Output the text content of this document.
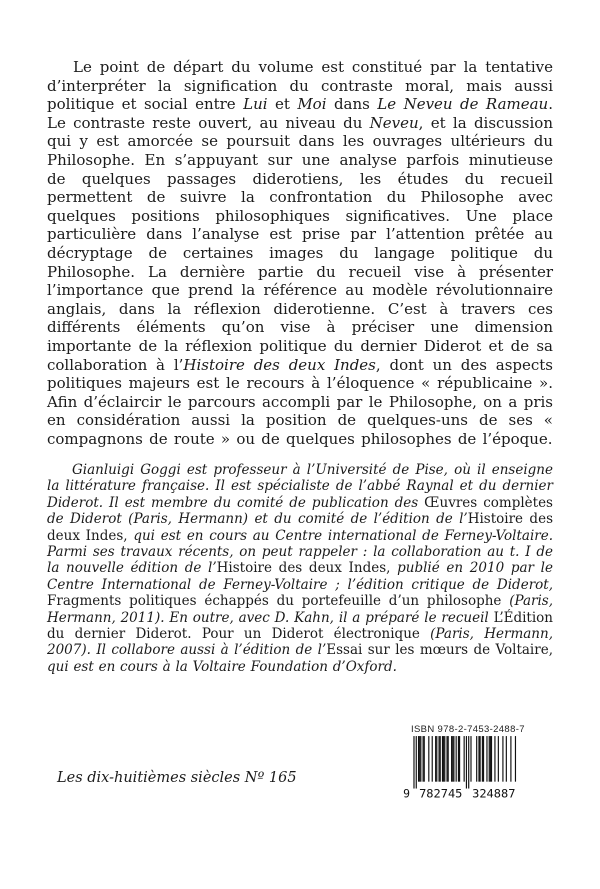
Le point de départ du volume est constitué par la tentative d’interpréter la signification du contraste moral, mais aussi politique et social entre Lui et Moi dans Le Neveu de Rameau. Le contraste reste ouvert, au niveau du Neveu, et la discussion qui y est amorcée se poursuit dans les ouvrages ultérieurs du Philosophe. En s’appuyant sur une analyse parfois minutieuse de quelques passages diderotiens, les études du recueil permettent de suivre la confrontation du Philosophe avec quelques positions philosophiques significatives. Une place particulière dans l’analyse est prise par l’attention prêtée au décryptage de certaines images du langage politique du Philosophe. La dernière partie du recueil vise à présenter l’importance que prend la référence au modèle révolutionnaire anglais, dans la réflexion diderotienne. C’est à travers ces différents éléments qu’on vise à préciser une dimension importante de la réflexion politique du dernier Diderot et de sa collaboration à l’Histoire des deux Indes, dont un des aspects politiques majeurs est le recours à l’éloquence « républicaine ». Afin d’éclaircir le parcours accompli par le Philosophe, on a pris en considération aussi la position de quelques-uns de ses « compagnons de route » ou de quelques philosophes de l’époque.

Gianluigi Goggi est professeur à l’Université de Pise, où il enseigne la littérature française. Il est spécialiste de l’abbé Raynal et du dernier Diderot. Il est membre du comité de publication des Œuvres complètes de Diderot (Paris, Hermann) et du comité de l’édition de l’Histoire des deux Indes, qui est en cours au Centre international de Ferney-Voltaire. Parmi ses travaux récents, on peut rappeler : la collaboration au t. I de la nouvelle édition de l’Histoire des deux Indes, publié en 2010 par le Centre International de Ferney-Voltaire ; l’édition critique de Diderot, Fragments politiques échappés du portefeuille d’un philosophe (Paris, Hermann, 2011). En outre, avec D. Kahn, il a préparé le recueil L’Édition du dernier Diderot. Pour un Diderot électronique (Paris, Hermann, 2007). Il collabore aussi à l’édition de l’Essai sur les mœurs de Voltaire, qui est en cours à la Voltaire Foundation d’Oxford.

Les dix-huitièmes siècles Nº 165
ISBN 978-2-7453-2488-7
9 782745 324887
